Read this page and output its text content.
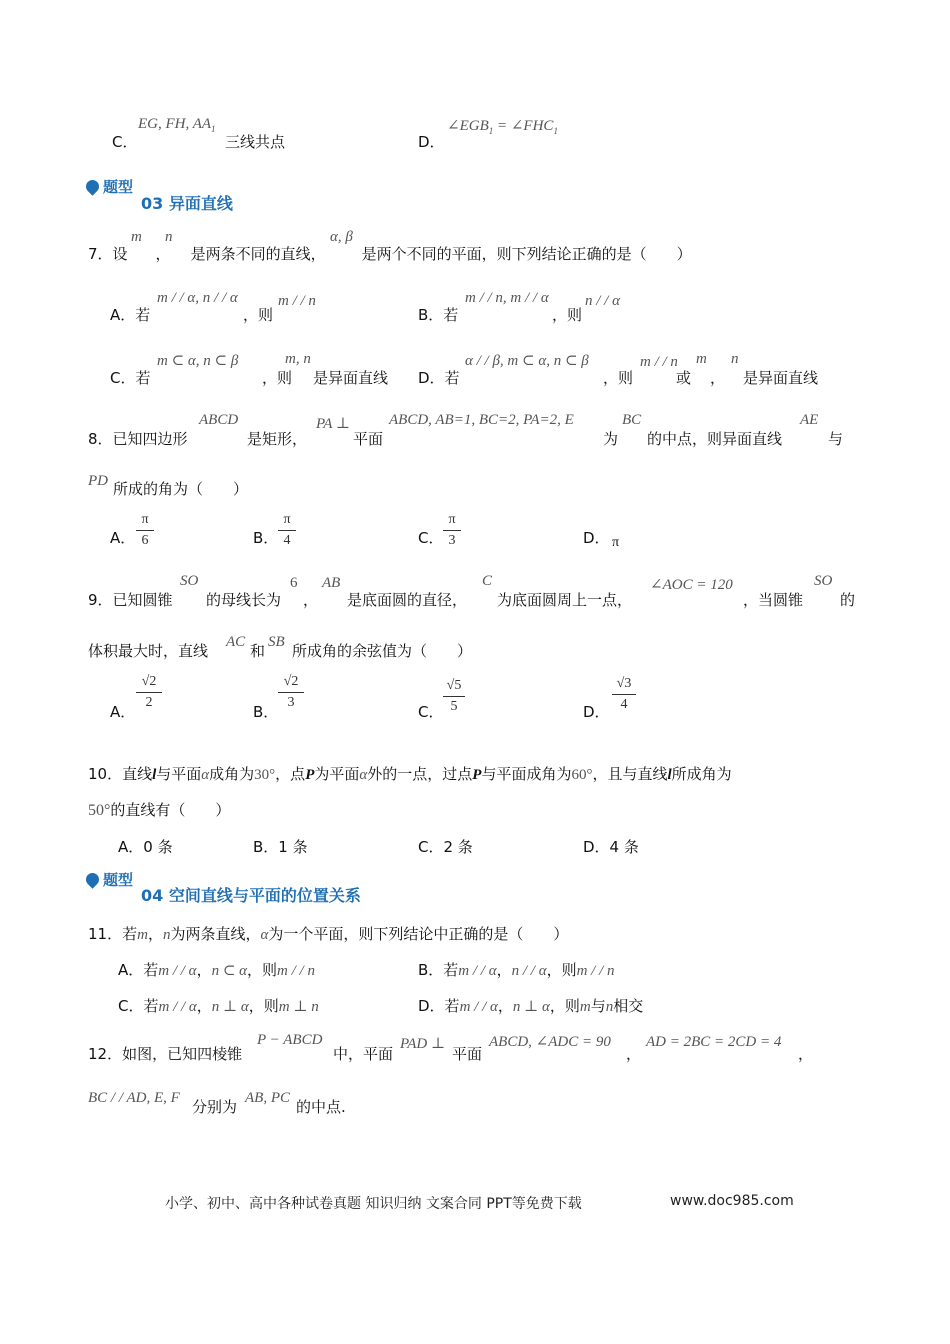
C．
EG, FH, $AA_1$
三线共点	D．
$\angle EGB_1$ = $\angle FHC_1$
题型
03 异面直线
7．设 ， 是两条不同的直线， 是两个不同的平面，则下列结论正确的是（　　）
m n	α, β
A．若
m / / α, n / / α
，则
m / / n
B．若
m / / n, m / / α
，则
n / / α
C．若
m ⊂ α, n ⊂ β
，则
m, n
是异面直线 D．若
α / / β, m ⊂ α, n ⊂ β
，则
m / / n
或
m
，
n
是异面直线
8．已知四边形
ABCD
是矩形，
PA ⊥
平面
ABCD, AB=1, BC=2, PA=2, E
为
BC
的中点，则异面直线
AE
与
PD 所成的角为（　　）
A．
π
6	B．
π
4	C．
π
3	D． π
9．已知圆锥
SO
的母线长为
6
，
AB
是底面圆的直径，
C
为底面圆周上一点，
∠AOC = 120
，当圆锥
SO
的
体积最大时，直线 AC 和 SB 所成角的余弦值为（　　）
A．
√2
2
B．
√2
3
C．
√5
5	D．
√3
4
10．直线l与平面α成角为30°，点P为平面α外的一点，过点P与平面成角为60°，且与直线l所成角为
50°的直线有（　　）
A．0 条	B．1 条	C．2 条	D．4 条
题型
04 空间直线与平面的位置关系
11．若m，n为两条直线，α为一个平面，则下列结论中正确的是（　　）
A．若m / / α，n ⊂ α，则m / / n	B．若m / / α，n / / α，则m / / n
C．若m / / α，n ⊥ α，则m ⊥ n	D．若m / / α，n ⊥ α，则m与n相交
12．如图，已知四棱锥
P − ABCD
中，平面
PAD ⊥
平面
ABCD, ∠ADC = 90
，
AD = 2BC = 2CD = 4
，
BC / / AD, E, F 分别为 AB, PC 的中点.
小学、初中、高中各种试卷真题 知识归纳 文案合同 PPT等免费下载	www.doc985.com
